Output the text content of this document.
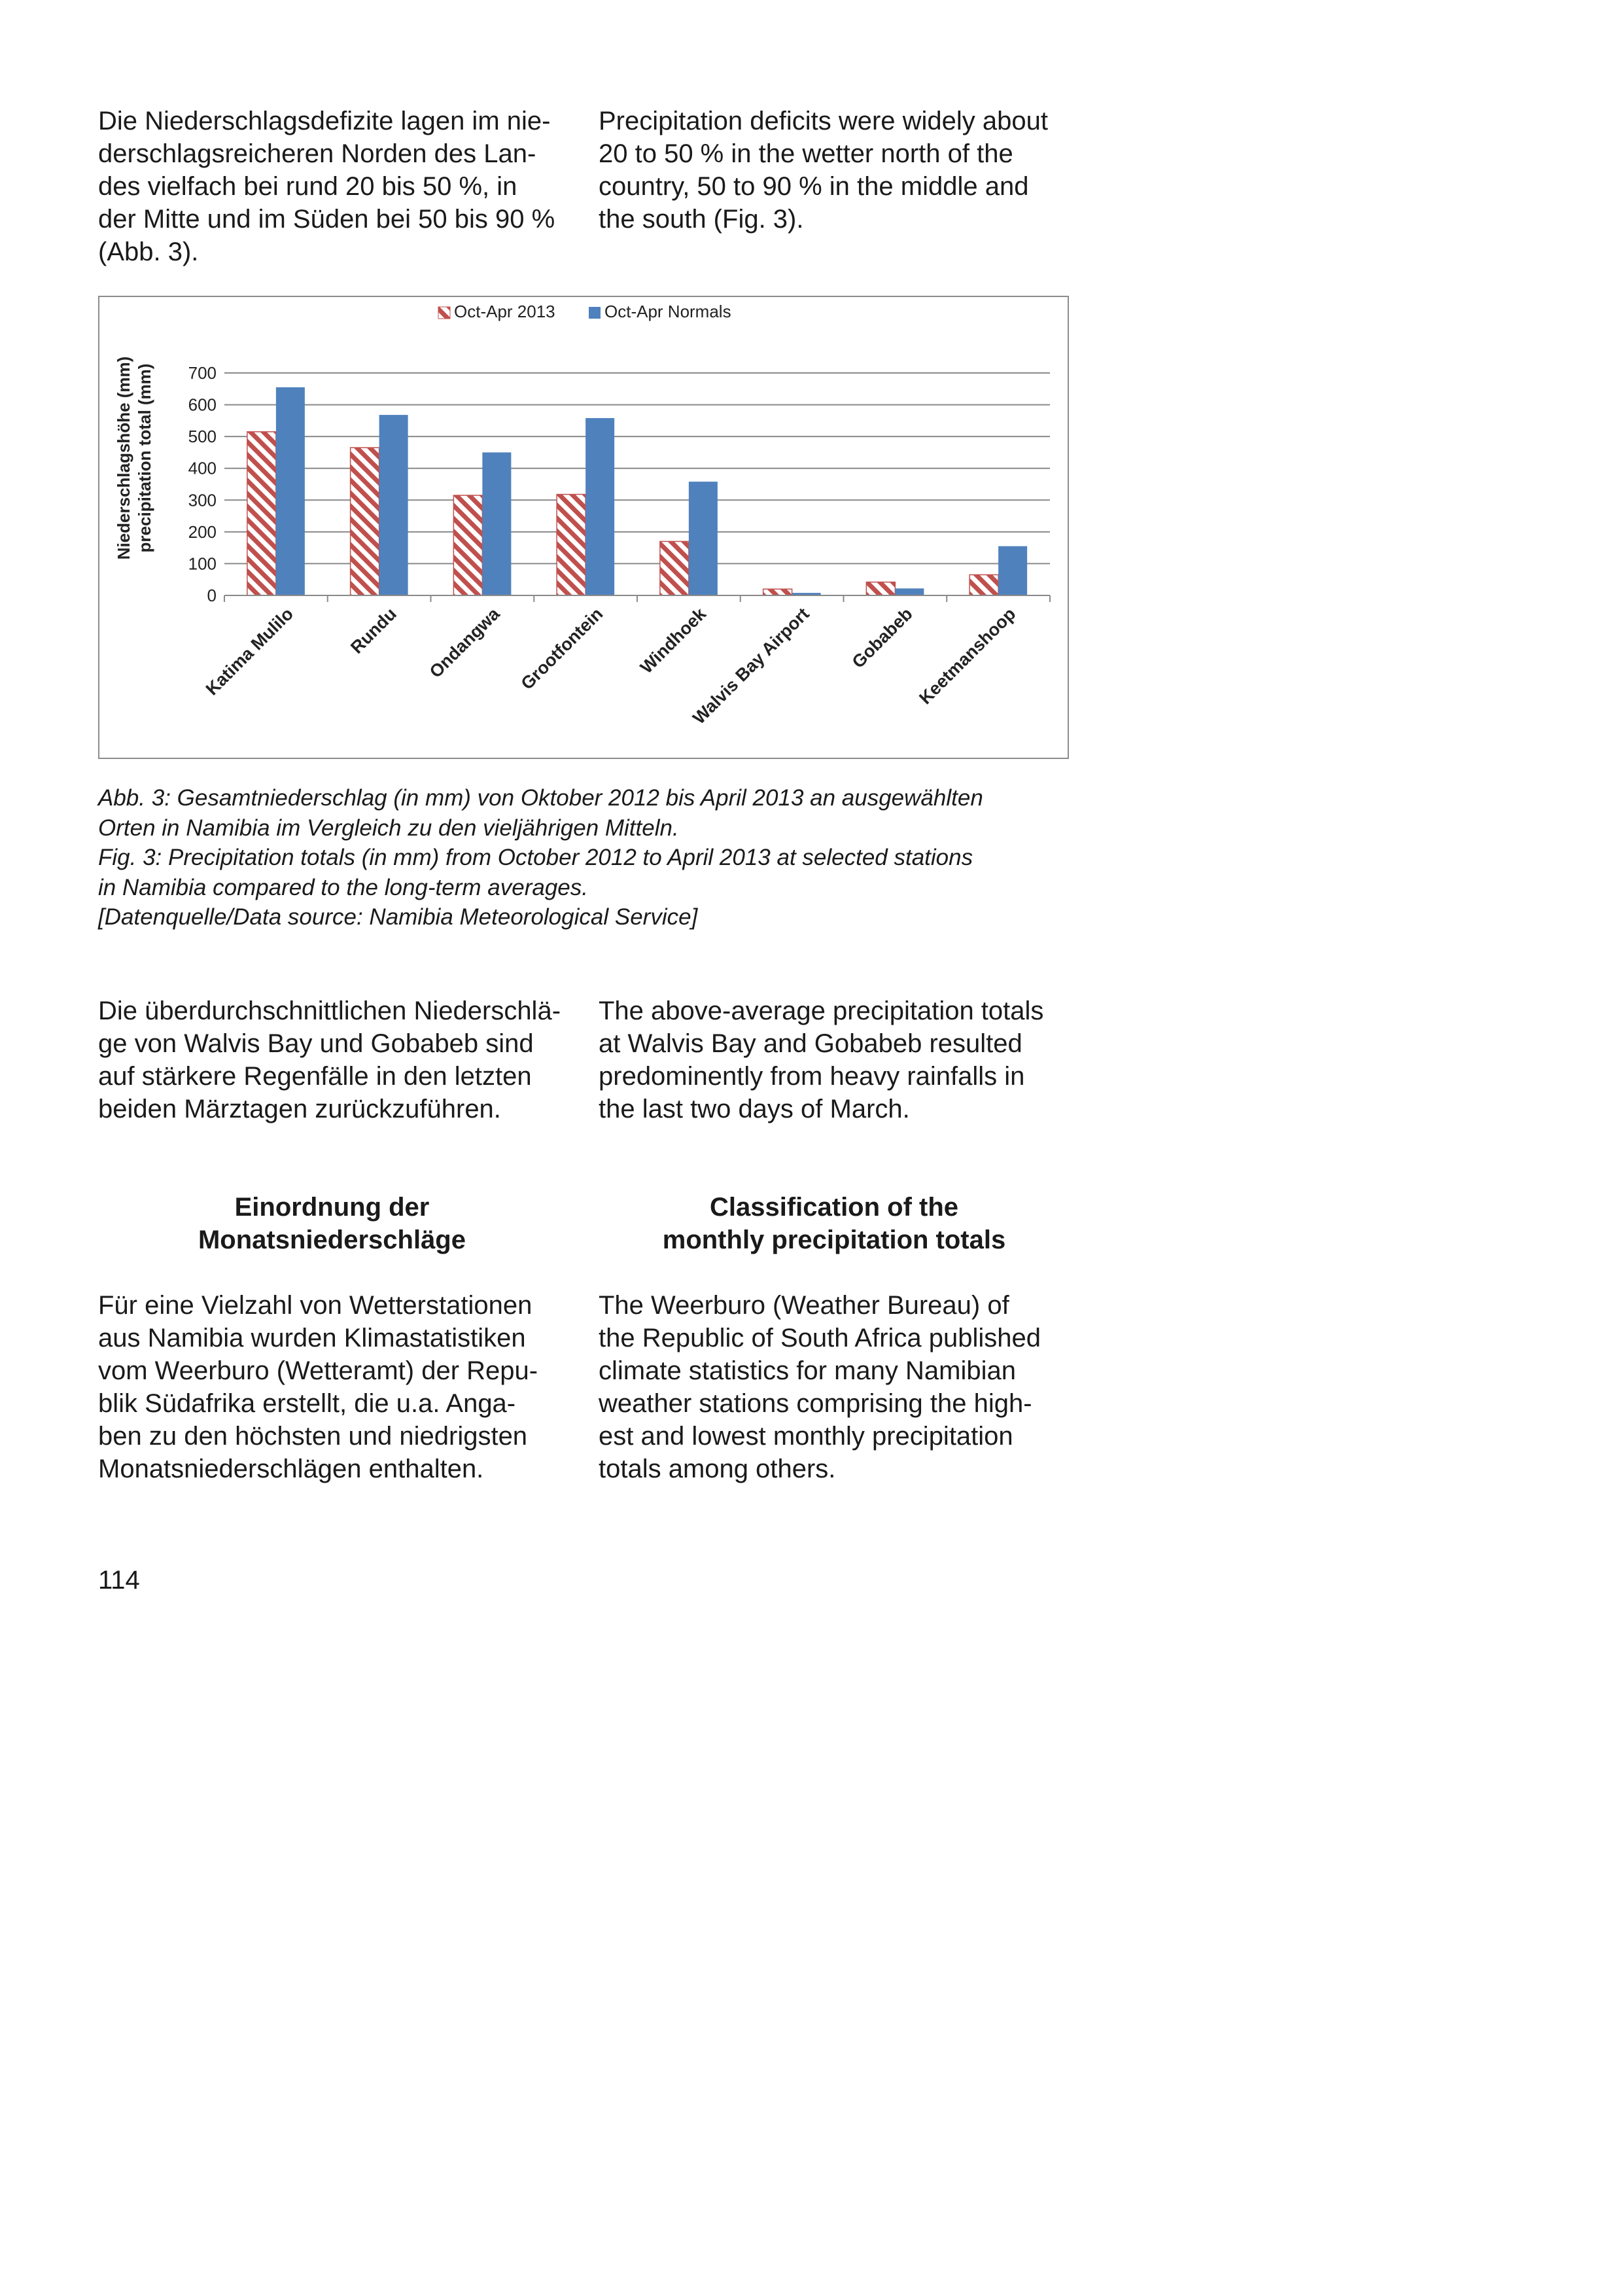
Die Niederschlagsdefizite lagen im nie-
derschlagsreicheren Norden des Lan-
des vielfach bei rund 20 bis 50 %, in
der Mitte und im Süden bei 50 bis 90 %
(Abb. 3).
Precipitation deficits were widely about
20 to 50 % in the wetter north of the
country, 50 to 90 % in the middle and
the south (Fig. 3).
0
100
200
300
400
500
600
700
Katima Mulilo	Rundu Ondangwa Grootfontein Windhoek
Walvis Bay Airport Gobabeb
Keetmanshoop
Oct-Apr 2013	Oct-Apr Normals
Niederschlagshöhe (mm) precipitation total (mm)
Abb. 3: Gesamtniederschlag (in mm) von Oktober 2012 bis April 2013 an ausgewählten
Orten in Namibia im Vergleich zu den vieljährigen Mitteln.
Fig. 3: Precipitation totals (in mm) from October 2012 to April 2013 at selected stations
in Namibia compared to the long-term averages.
[Datenquelle/Data source: Namibia Meteorological Service]
Die überdurchschnittlichen Niederschlä-
ge von Walvis Bay und Gobabeb sind
auf stärkere Regenfälle in den letzten
beiden Märztagen zurückzuführen.
The above-average precipitation totals
at Walvis Bay and Gobabeb resulted
predominently from heavy rainfalls in
the last two days of March.
Einordnung der
Monatsniederschläge
Classification of the
monthly precipitation totals
Für eine Vielzahl von Wetterstationen
aus Namibia wurden Klimastatistiken
vom Weerburo (Wetteramt) der Repu-
blik Südafrika erstellt, die u.a. Anga-
ben zu den höchsten und niedrigsten
Monatsniederschlägen enthalten.
The Weerburo (Weather Bureau) of
the Republic of South Africa published
climate statistics for many Namibian
weather stations comprising the high-
est and lowest monthly precipitation
totals among others.
114
